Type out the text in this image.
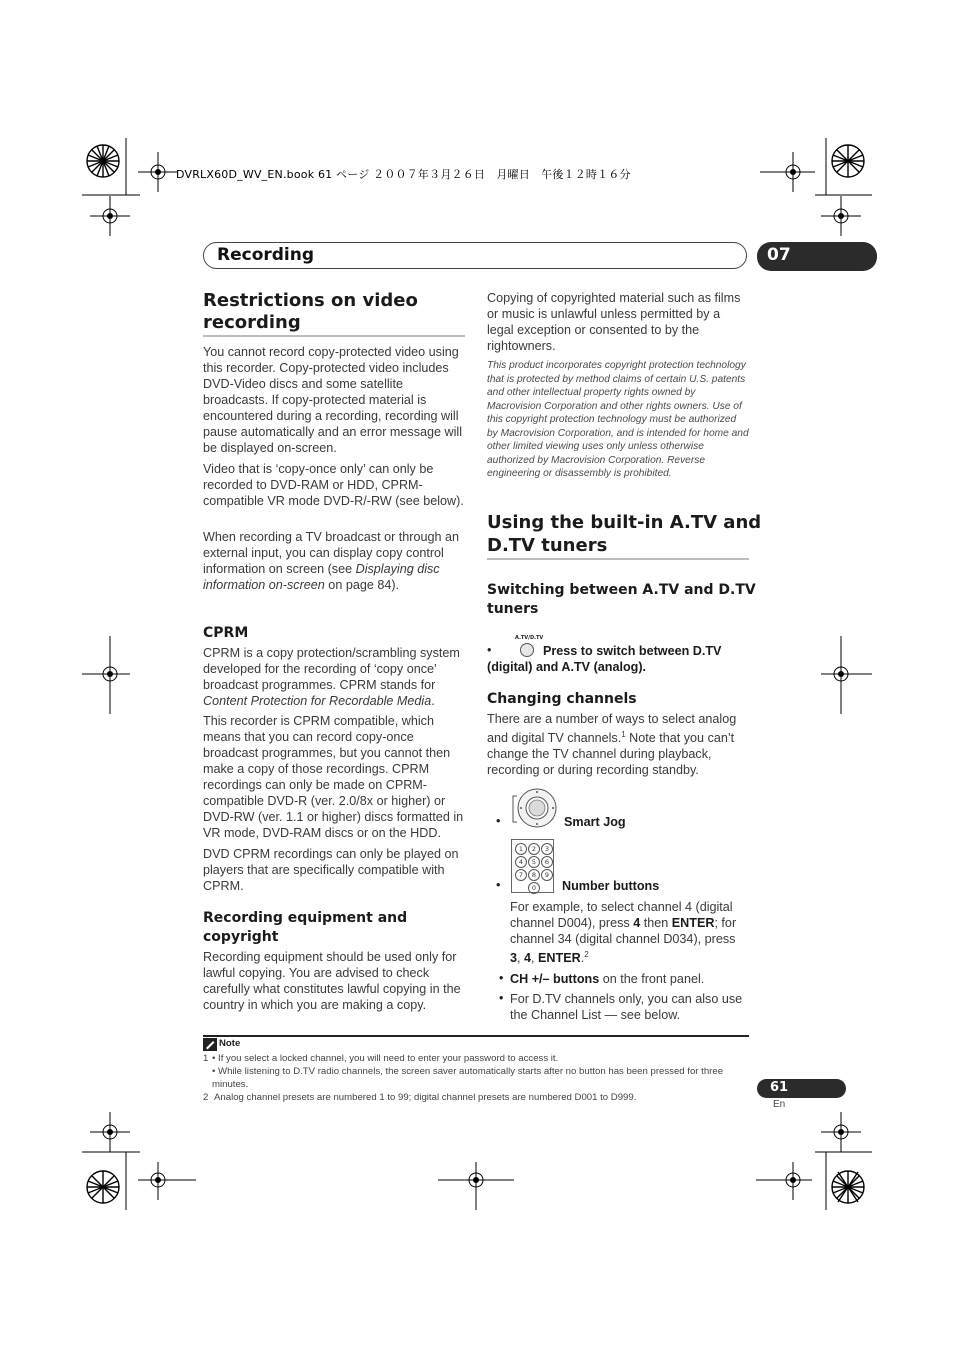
DVRLX60D_WV_EN.book 61 ページ ２００７年３月２６日　月曜日　午後１２時１６分
Recording	07
Restrictions on video
recording

You cannot record copy-protected video using this recorder. Copy-protected video includes DVD-Video discs and some satellite broadcasts. If copy-protected material is encountered during a recording, recording will pause automatically and an error message will be displayed on-screen.

Video that is ‘copy-once only’ can only be recorded to DVD-RAM or HDD, CPRM-compatible VR mode DVD-R/-RW (see below).

When recording a TV broadcast or through an external input, you can display copy control information on screen (see Displaying disc information on-screen on page 84).

CPRM

CPRM is a copy protection/scrambling system developed for the recording of ‘copy once’ broadcast programmes. CPRM stands for Content Protection for Recordable Media.

This recorder is CPRM compatible, which means that you can record copy-once broadcast programmes, but you cannot then make a copy of those recordings. CPRM recordings can only be made on CPRM-compatible DVD-R (ver. 2.0/8x or higher) or DVD-RW (ver. 1.1 or higher) discs formatted in VR mode, DVD-RAM discs or on the HDD.

DVD CPRM recordings can only be played on players that are specifically compatible with CPRM.

Recording equipment and
copyright

Recording equipment should be used only for lawful copying. You are advised to check carefully what constitutes lawful copying in the country in which you are making a copy.

Copying of copyrighted material such as films or music is unlawful unless permitted by a legal exception or consented to by the rightowners.

This product incorporates copyright protection technology that is protected by method claims of certain U.S. patents and other intellectual property rights owned by Macrovision Corporation and other rights owners. Use of this copyright protection technology must be authorized by Macrovision Corporation, and is intended for home and other limited viewing uses only unless otherwise authorized by Macrovision Corporation. Reverse engineering or disassembly is prohibited.

Using the built-in A.TV and
D.TV tuners
Switching between A.TV and D.TV
tuners
•
A.TV/D.TV

Press to switch between D.TV

(digital) and A.TV (analog).

Changing channels

There are a number of ways to select analog and digital TV channels.$^1$ Note that you can’t change the TV channel during playback, recording or during recording standby.

•	Smart Jog

•
1	2	3
4	5	6
7	8	9
0	Number buttons

For example, to select channel 4 (digital channel D004), press 4 then ENTER; for channel 34 (digital channel D034), press 3, 4, ENTER.$^2$

• CH +/– buttons on the front panel.

• For D.TV channels only, you can also use the Channel List — see below.

Note
1 • If you select a locked channel, you will need to enter your password to access it.

• While listening to D.TV radio channels, the screen saver automatically starts after no button has been pressed for three minutes.

2 Analog channel presets are numbered 1 to 99; digital channel presets are numbered D001 to D999.

61
En
